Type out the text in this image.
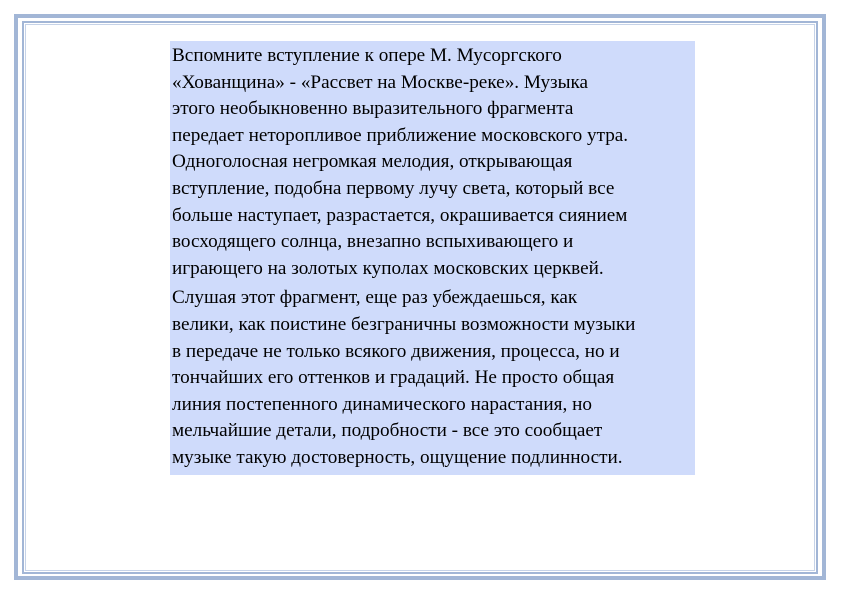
Вспомните вступление к опере М. Мусоргского
«Хованщина» - «Рассвет на Москве-реке». Музыка
этого необыкновенно выразительного фрагмента
передает неторопливое приближение московского утра.
Одноголосная негромкая мелодия, открывающая
вступление, подобна первому лучу света, который все
больше наступает, разрастается, окрашивается сиянием
восходящего солнца, внезапно вспыхивающего и
играющего на золотых куполах московских церквей.

Слушая этот фрагмент, еще раз убеждаешься, как
велики, как поистине безграничны возможности музыки
в передаче не только всякого движения, процесса, но и
тончайших его оттенков и градаций. Не просто общая
линия постепенного динамического нарастания, но
мельчайшие детали, подробности - все это сообщает
музыке такую достоверность, ощущение подлинности.
